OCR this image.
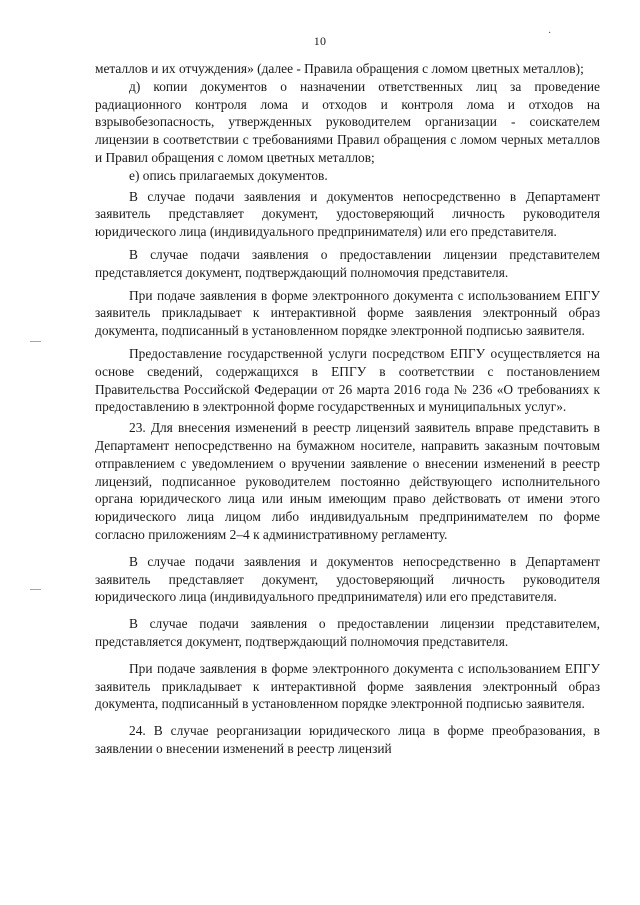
10
·
—
—

металлов и их отчуждения» (далее - Правила обращения с ломом цветных металлов);

д) копии документов о назначении ответственных лиц за проведение радиационного контроля лома и отходов и контроля лома и отходов на взрывобезопасность, утвержденных руководителем организации - соискателем лицензии в соответствии с требованиями Правил обращения с ломом черных металлов и Правил обращения с ломом цветных металлов;

е) опись прилагаемых документов.

В случае подачи заявления и документов непосредственно в Департамент заявитель представляет документ, удостоверяющий личность руководителя юридического лица (индивидуального предпринимателя) или его представителя.

В случае подачи заявления о предоставлении лицензии представителем представляется документ, подтверждающий полномочия представителя.

При подаче заявления в форме электронного документа с использованием ЕПГУ заявитель прикладывает к интерактивной форме заявления электронный образ документа, подписанный в установленном порядке электронной подписью заявителя.

Предоставление государственной услуги посредством ЕПГУ осуществляется на основе сведений, содержащихся в ЕПГУ в соответствии с постановлением Правительства Российской Федерации от 26 марта 2016 года № 236 «О требованиях к предоставлению в электронной форме государственных и муниципальных услуг».

23. Для внесения изменений в реестр лицензий заявитель вправе представить в Департамент непосредственно на бумажном носителе, направить заказным почтовым отправлением с уведомлением о вручении заявление о внесении изменений в реестр лицензий, подписанное руководителем постоянно действующего исполнительного органа юридического лица или иным имеющим право действовать от имени этого юридического лица лицом либо индивидуальным предпринимателем по форме согласно приложениям 2–4 к административному регламенту.

В случае подачи заявления и документов непосредственно в Департамент заявитель представляет документ, удостоверяющий личность руководителя юридического лица (индивидуального предпринимателя) или его представителя.

В случае подачи заявления о предоставлении лицензии представителем, представляется документ, подтверждающий полномочия представителя.

При подаче заявления в форме электронного документа с использованием ЕПГУ заявитель прикладывает к интерактивной форме заявления электронный образ документа, подписанный в установленном порядке электронной подписью заявителя.

24. В случае реорганизации юридического лица в форме преобразования, в заявлении о внесении изменений в реестр лицензий
